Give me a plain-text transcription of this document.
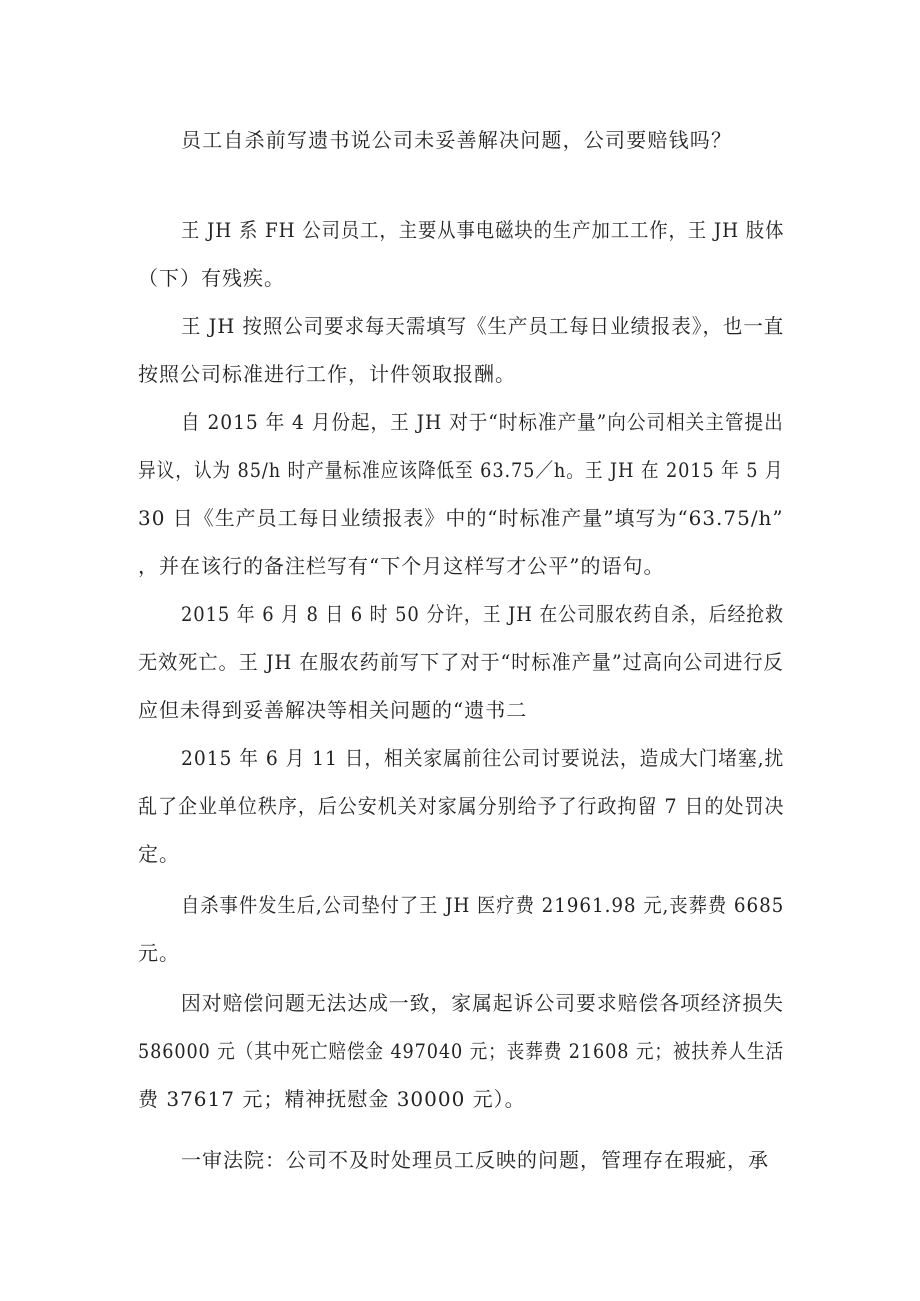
员工自杀前写遗书说公司未妥善解决问题，公司要赔钱吗？
王 JH 系 FH 公司员工，主要从事电磁块的生产加工工作，王 JH 肢体
（下）有残疾。
王 JH 按照公司要求每天需填写《生产员工每日业绩报表》，也一直
按照公司标准进行工作，计件领取报酬。
自 2015 年 4 月份起，王 JH 对于“时标准产量”向公司相关主管提出
异议，认为 85/h 时产量标准应该降低至 63.75／h。王 JH 在 2015 年 5 月
30 日《生产员工每日业绩报表》中的“时标准产量”填写为“63.75/h”
，并在该行的备注栏写有“下个月这样写才公平”的语句。
2015 年 6 月 8 日 6 时 50 分许，王 JH 在公司服农药自杀，后经抢救
无效死亡。王 JH 在服农药前写下了对于“时标准产量”过高向公司进行反
应但未得到妥善解决等相关问题的“遗书二
2015 年 6 月 11 日，相关家属前往公司讨要说法，造成大门堵塞,扰
乱了企业单位秩序，后公安机关对家属分别给予了行政拘留 7 日的处罚决
定。
自杀事件发生后,公司垫付了王 JH 医疗费 21961.98 元,丧葬费 6685
元。
因对赔偿问题无法达成一致，家属起诉公司要求赔偿各项经济损失
586000 元（其中死亡赔偿金 497040 元；丧葬费 21608 元；被扶养人生活
费 37617 元；精神抚慰金 30000 元）。
一审法院：公司不及时处理员工反映的问题，管理存在瑕疵，承
